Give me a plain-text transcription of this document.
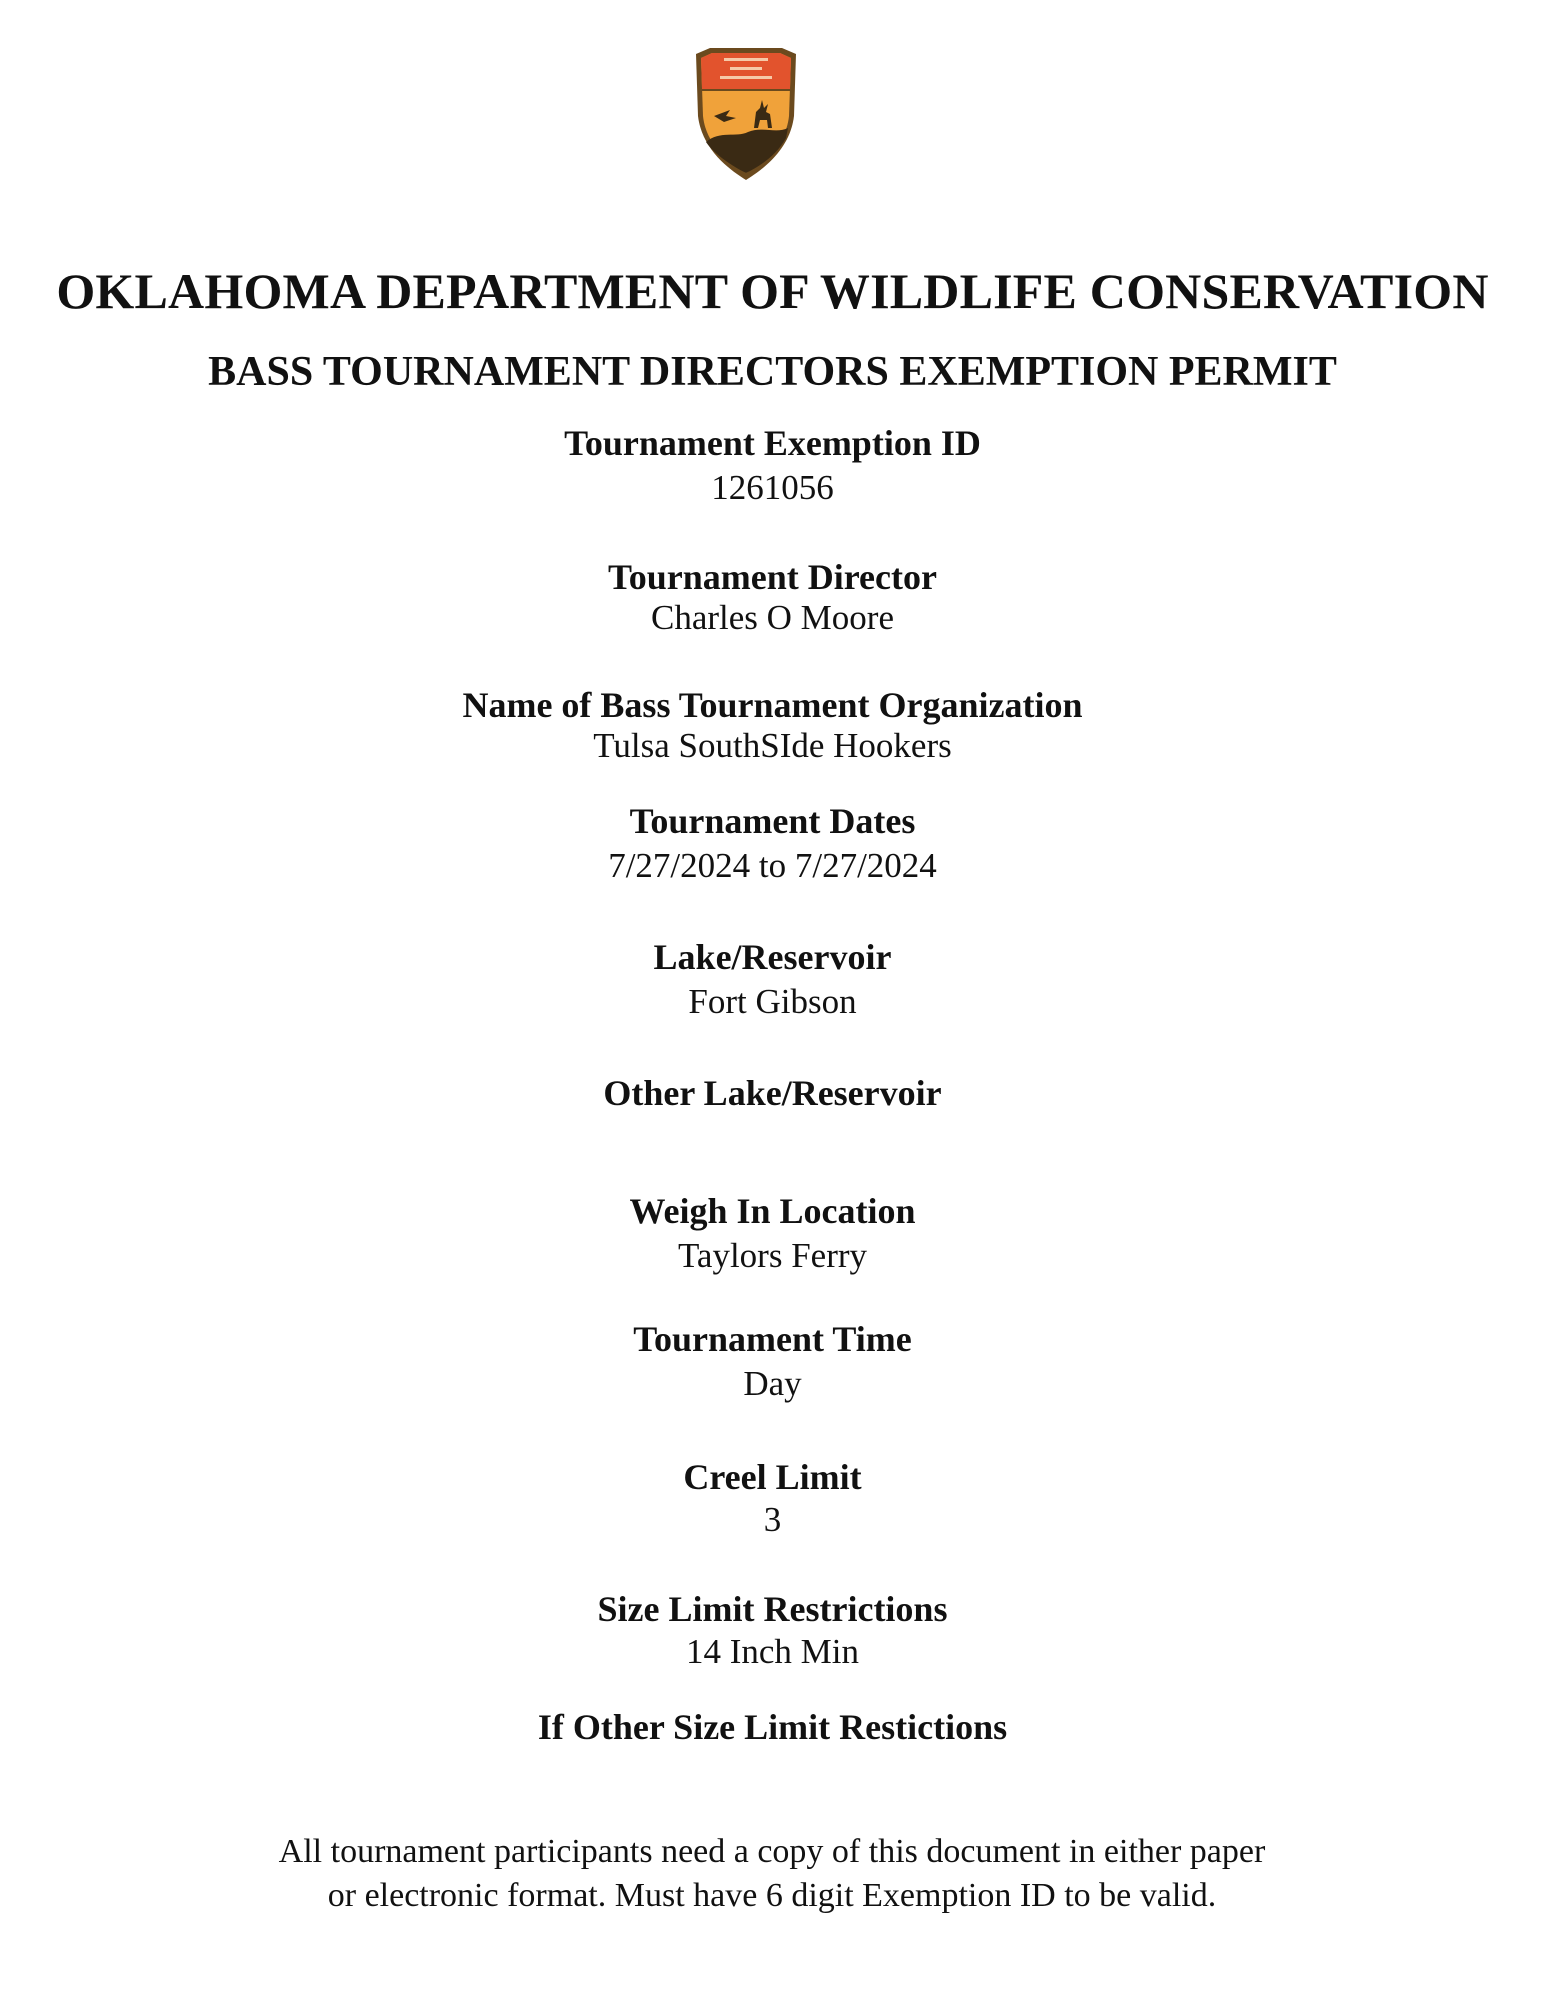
OKLAHOMA DEPARTMENT OF WILDLIFE CONSERVATION
BASS TOURNAMENT DIRECTORS EXEMPTION PERMIT
Tournament Exemption ID
1261056
Tournament Director
Charles O Moore
Name of Bass Tournament Organization
Tulsa SouthSIde Hookers
Tournament Dates
7/27/2024 to 7/27/2024
Lake/Reservoir
Fort Gibson
Other Lake/Reservoir
Weigh In Location
Taylors Ferry
Tournament Time
Day
Creel Limit
3
Size Limit Restrictions
14 Inch Min
If Other Size Limit Restictions
All tournament participants need a copy of this document in either paper
or electronic format. Must have 6 digit Exemption ID to be valid.
